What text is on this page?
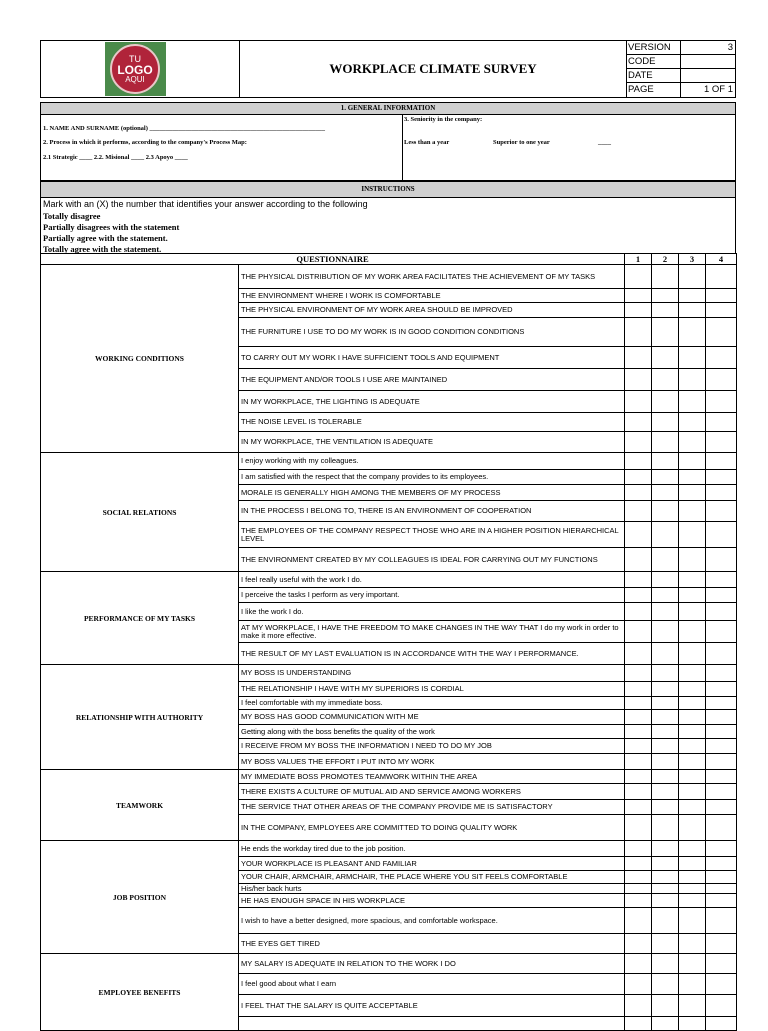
TU
LOGO
AQUI
WORKPLACE CLIMATE SURVEY
VERSION	3
CODE
DATE
PAGE	1 OF 1
1. GENERAL INFORMATION
1. NAME AND SURNAME (optional) ______________________________________________________
2. Process in which it performs, according to the company's Process Map:
2.1 Strategic ____ 2.2. Misional ____ 2.3 Apoyo ____
3. Seniority in the company:
Less than a year	Superior to one year	____
INSTRUCTIONS
Mark with an (X) the number that identifies your answer according to the following
Totally disagree
Partially disagrees with the statement
Partially agree with the statement.
Totally agree with the statement.
QUESTIONNAIRE		1	2	3	4
WORKING CONDITIONS	THE PHYSICAL DISTRIBUTION OF MY WORK AREA FACILITATES THE ACHIEVEMENT OF MY TASKS				
	THE ENVIRONMENT WHERE I WORK IS COMFORTABLE				
	THE PHYSICAL ENVIRONMENT OF MY WORK AREA SHOULD BE IMPROVED				
	THE FURNITURE I USE TO DO MY WORK IS IN GOOD CONDITION CONDITIONS				
	TO CARRY OUT MY WORK I HAVE SUFFICIENT TOOLS AND EQUIPMENT				
	THE EQUIPMENT AND/OR TOOLS I USE ARE MAINTAINED				
	IN MY WORKPLACE, THE LIGHTING IS ADEQUATE				
	THE NOISE LEVEL IS TOLERABLE				
	IN MY WORKPLACE, THE VENTILATION IS ADEQUATE				
SOCIAL RELATIONS	I enjoy working with my colleagues.				
	I am satisfied with the respect that the company provides to its employees.				
	MORALE IS GENERALLY HIGH AMONG THE MEMBERS OF MY PROCESS				
	IN THE PROCESS I BELONG TO, THERE IS AN ENVIRONMENT OF COOPERATION				
	THE EMPLOYEES OF THE COMPANY RESPECT THOSE WHO ARE IN A HIGHER POSITION HIERARCHICAL LEVEL				
	THE ENVIRONMENT CREATED BY MY COLLEAGUES IS IDEAL FOR CARRYING OUT MY FUNCTIONS				
PERFORMANCE OF MY TASKS	I feel really useful with the work I do.				
	I perceive the tasks I perform as very important.				
	I like the work I do.				
	AT MY WORKPLACE, I HAVE THE FREEDOM TO MAKE CHANGES IN THE WAY THAT I do my work in order to make it more effective.				
	THE RESULT OF MY LAST EVALUATION IS IN ACCORDANCE WITH THE WAY I PERFORMANCE.				
RELATIONSHIP WITH AUTHORITY	MY BOSS IS UNDERSTANDING				
	THE RELATIONSHIP I HAVE WITH MY SUPERIORS IS CORDIAL				
	I feel comfortable with my immediate boss.				
	MY BOSS HAS GOOD COMMUNICATION WITH ME				
	Getting along with the boss benefits the quality of the work				
	I RECEIVE FROM MY BOSS THE INFORMATION I NEED TO DO MY JOB				
	MY BOSS VALUES THE EFFORT I PUT INTO MY WORK				
TEAMWORK	MY IMMEDIATE BOSS PROMOTES TEAMWORK WITHIN THE AREA				
	THERE EXISTS A CULTURE OF MUTUAL AID AND SERVICE AMONG WORKERS				
	THE SERVICE THAT OTHER AREAS OF THE COMPANY PROVIDE ME IS SATISFACTORY				
	IN THE COMPANY, EMPLOYEES ARE COMMITTED TO DOING QUALITY WORK				
JOB POSITION	He ends the workday tired due to the job position.				
	YOUR WORKPLACE IS PLEASANT AND FAMILIAR				
	YOUR CHAIR, ARMCHAIR, ARMCHAIR, THE PLACE WHERE YOU SIT FEELS COMFORTABLE				
	His/her back hurts				
	HE HAS ENOUGH SPACE IN HIS WORKPLACE				
	I wish to have a better designed, more spacious, and comfortable workspace.				
	THE EYES GET TIRED				
EMPLOYEE BENEFITS	MY SALARY IS ADEQUATE IN RELATION TO THE WORK I DO				
	I feel good about what I earn				
	I FEEL THAT THE SALARY IS QUITE ACCEPTABLE				
